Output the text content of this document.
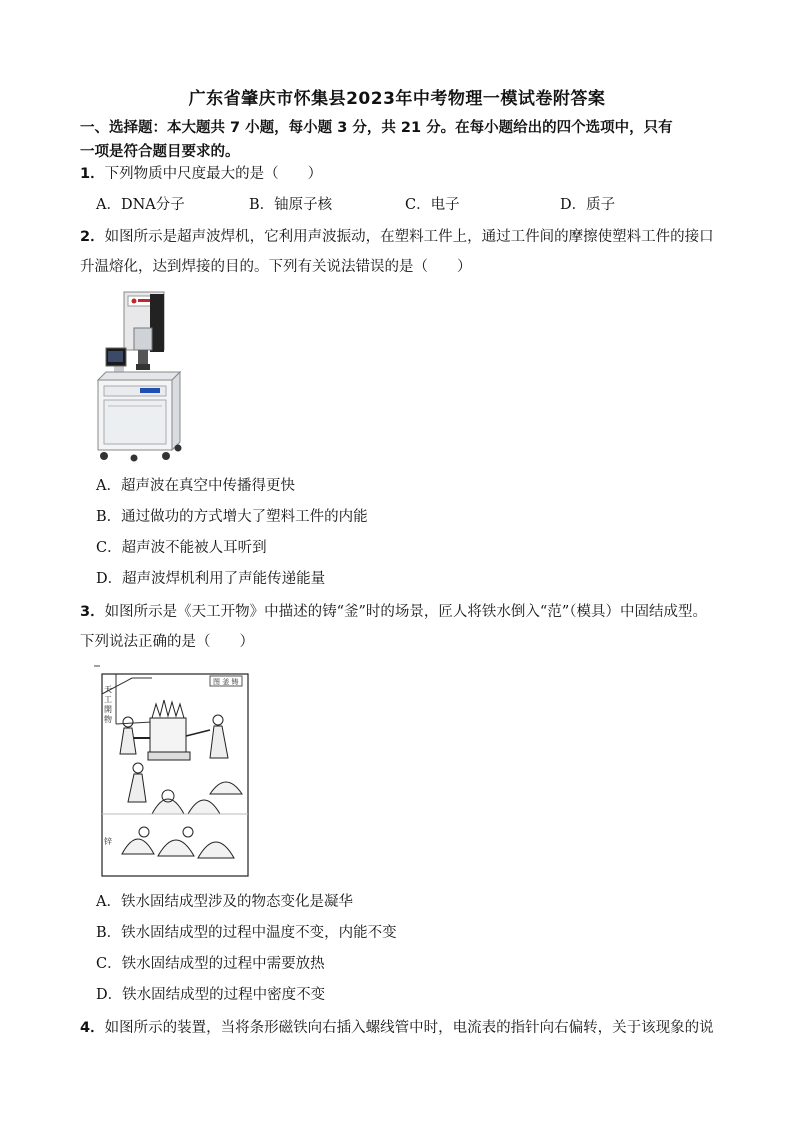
广东省肇庆市怀集县2023年中考物理一模试卷附答案
一、选择题：本大题共 7 小题，每小题 3 分，共 21 分。在每小题给出的四个选项中，只有
一项是符合题目要求的。
1．下列物质中尺度最大的是（　　）
A．DNA分子	B．铀原子核	C．电子	D．质子
2．如图所示是超声波焊机，它利用声波振动，在塑料工件上，通过工件间的摩擦使塑料工件的接口
升温熔化，达到焊接的目的。下列有关说法错误的是（　　）
A．超声波在真空中传播得更快
B．通过做功的方式增大了塑料工件的内能
C．超声波不能被人耳听到
D．超声波焊机利用了声能传递能量
3．如图所示是《天工开物》中描述的铸“釜”时的场景，匠人将铁水倒入“范”（模具）中固结成型。
下列说法正确的是（　　）
图 釜 铸
天
工
開
物
锌
A．铁水固结成型涉及的物态变化是凝华
B．铁水固结成型的过程中温度不变，内能不变
C．铁水固结成型的过程中需要放热
D．铁水固结成型的过程中密度不变
4．如图所示的装置，当将条形磁铁向右插入螺线管中时，电流表的指针向右偏转，关于该现象的说
